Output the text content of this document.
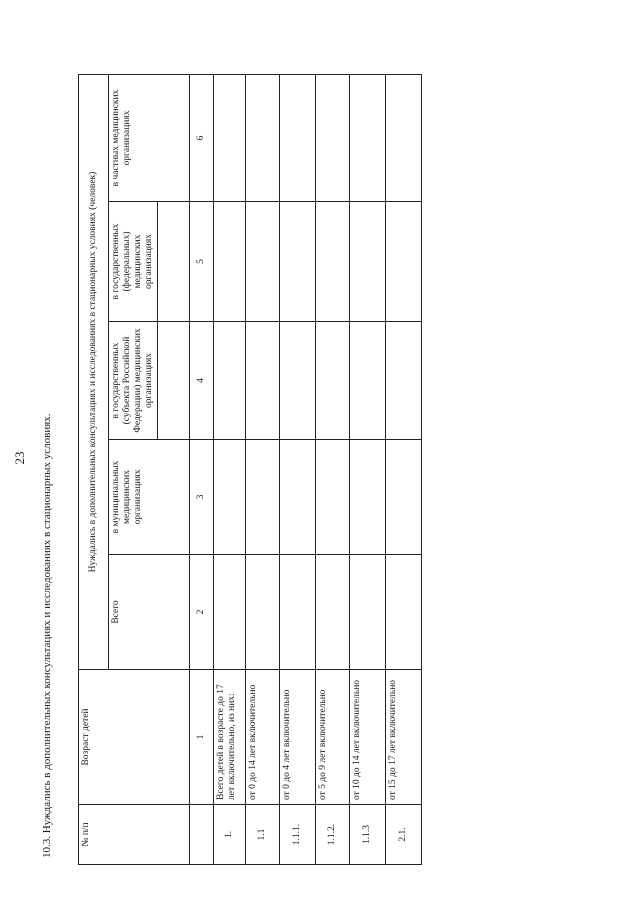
23 10.3. Нуждались в дополнительных консультациях и исследованиях в стационарных условиях.	№ п/п	Возраст детей	Нуждались в дополнительных консультациях и исследованиях в стационарных условиях (человек)				
		Всего	в муниципальных медицинских организациях	в государственных (субъекта Российской Федерации) медицинских организациях	в государственных (федеральных) медицинских организациях	в частных медицинских организациях

	1	2	3	4	5	6
1.	Всего детей в возрасте до 17 лет включительно, из них:					
1.1	от 0 до 14 лет включительно					
1.1.1.	от 0 до 4 лет включительно					
1.1.2.	от 5 до 9 лет включительно					
1.1.3	от 10 до 14 лет включительно					
2.1.	от 15 до 17 лет включительно					
